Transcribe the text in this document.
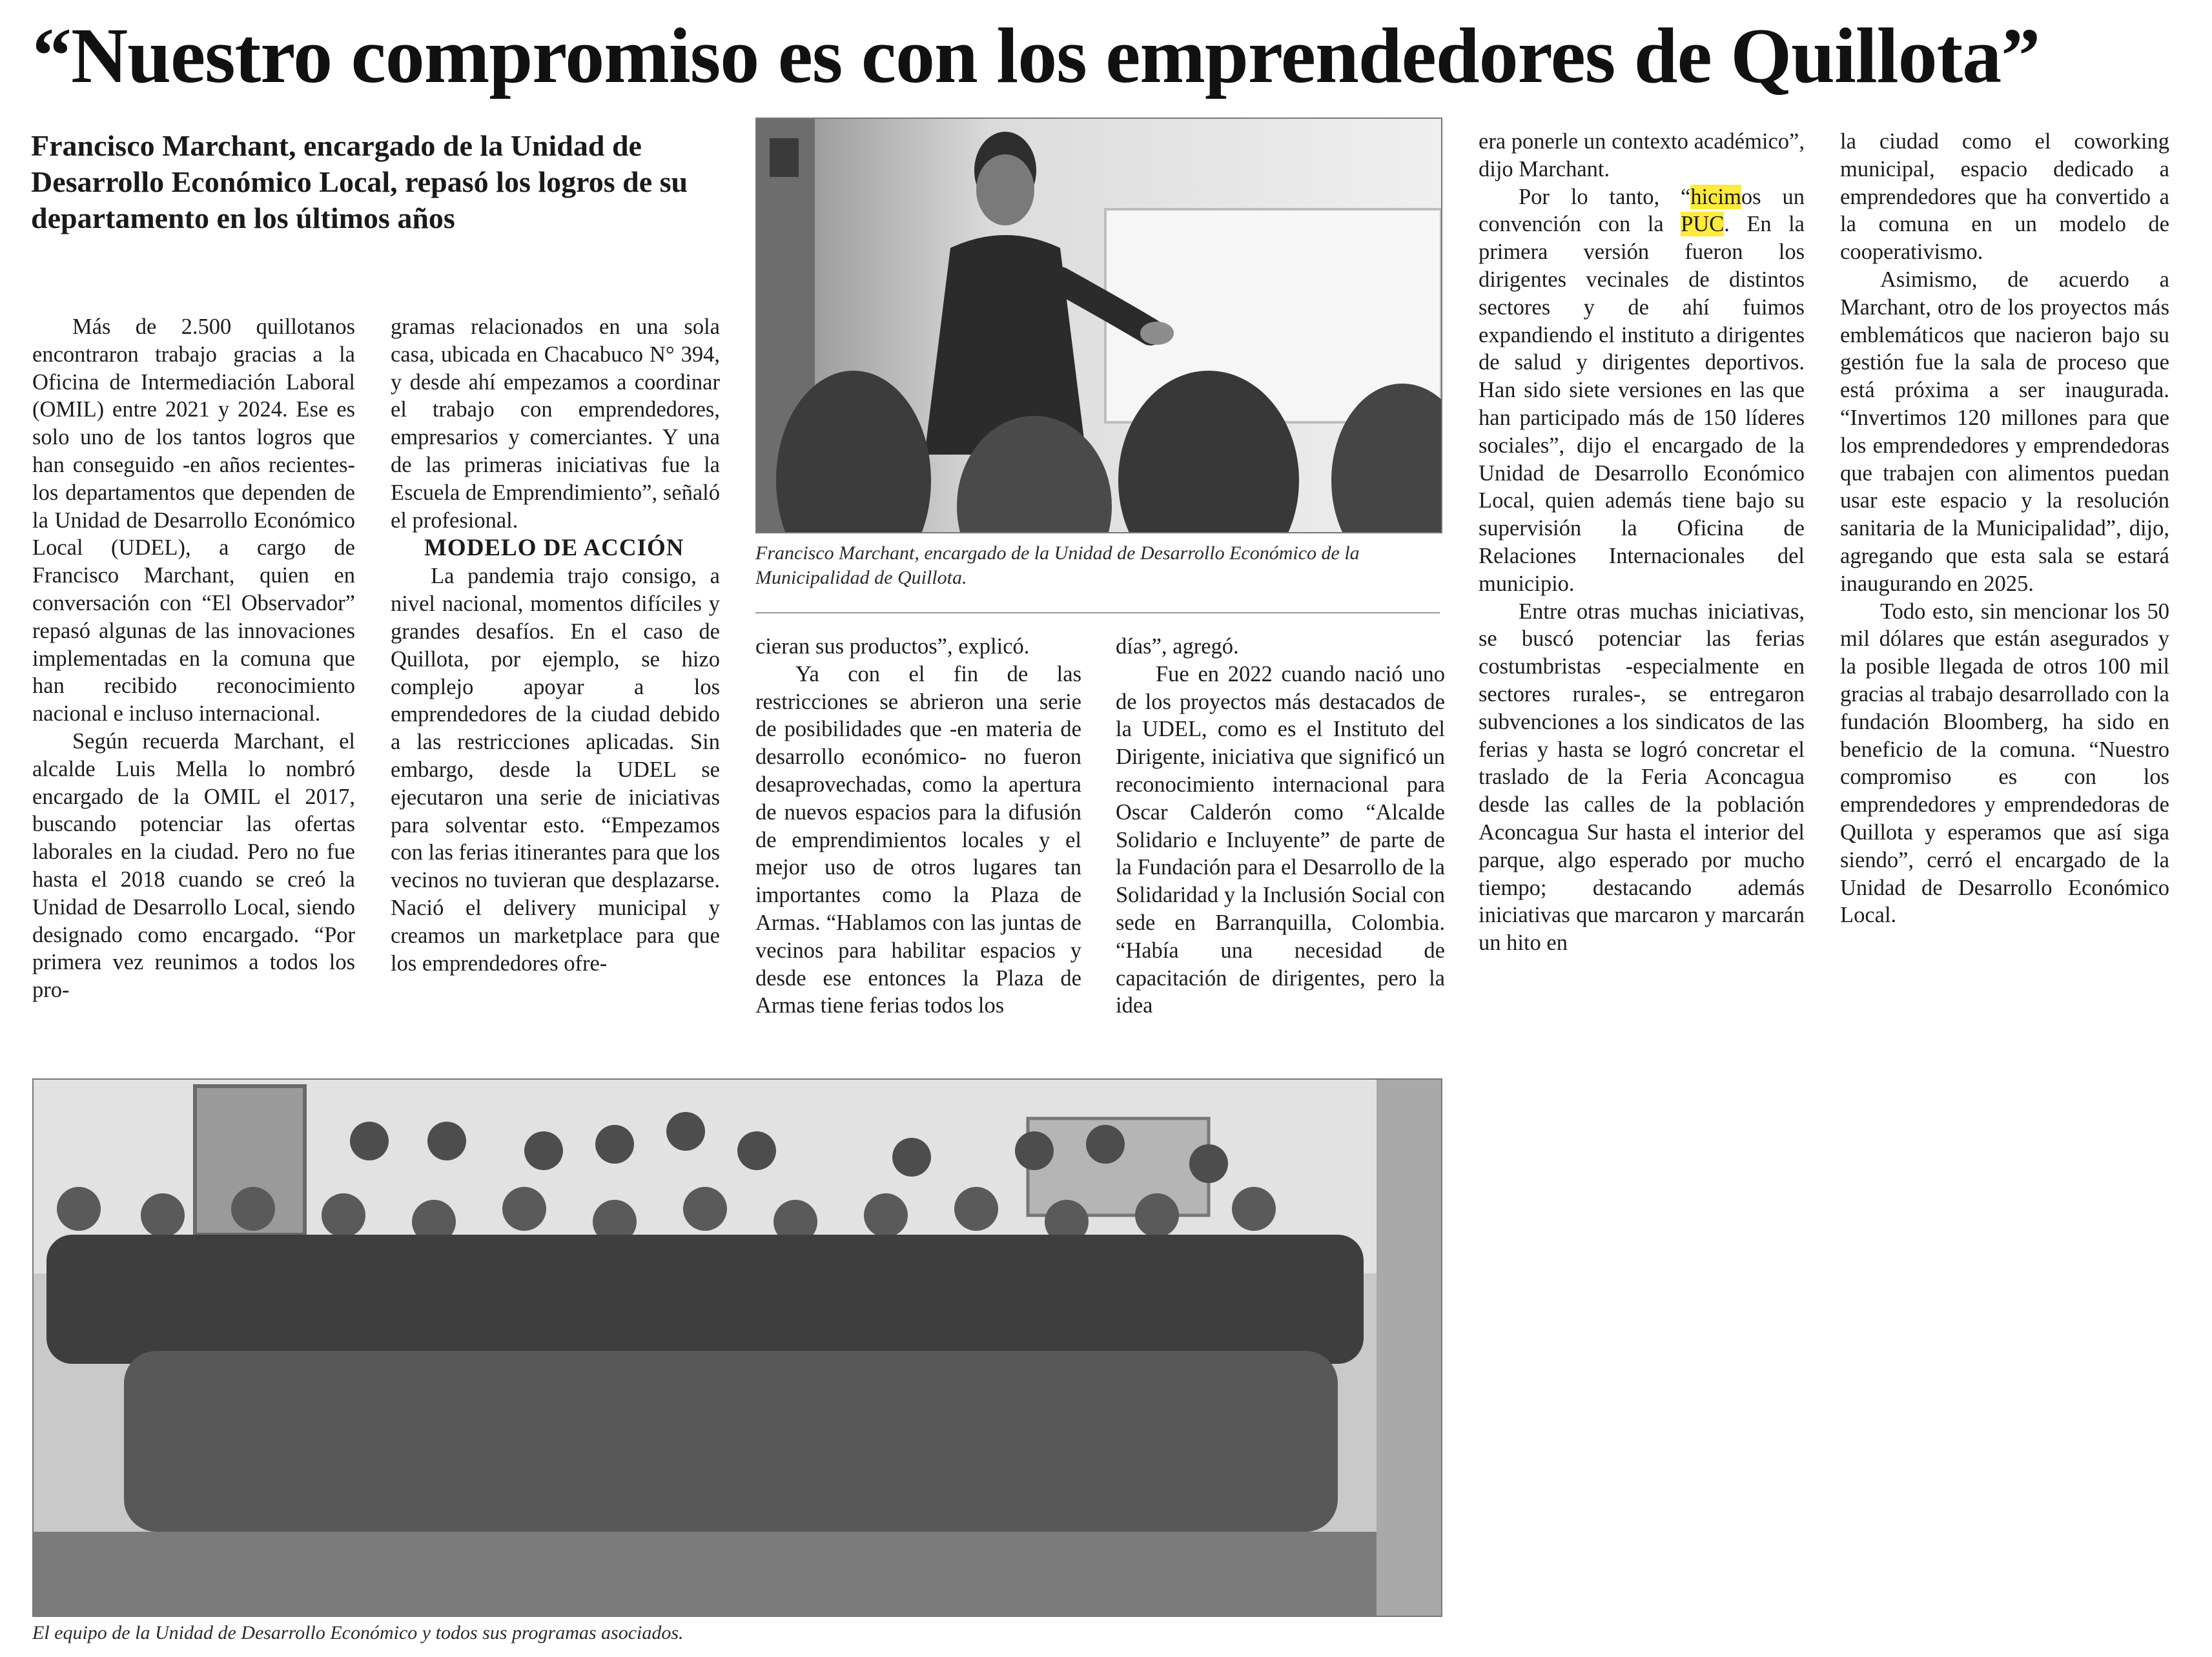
“Nuestro compromiso es con los emprendedores de Quillota”
Francisco Marchant, encargado de la Unidad de Desarrollo Económico Local, repasó los logros de su departamento en los últimos años

Más de 2.500 quillotanos encontraron trabajo gracias a la Oficina de Intermediación Laboral (OMIL) entre 2021 y 2024. Ese es solo uno de los tantos logros que han conseguido -en años recientes- los departamentos que dependen de la Unidad de Desarrollo Económico Local (UDEL), a cargo de Francisco Marchant, quien en conversación con “El Observador” repasó algunas de las innovaciones implementadas en la comuna que han recibido reconocimiento nacional e incluso internacional.

Según recuerda Marchant, el alcalde Luis Mella lo nombró encargado de la OMIL el 2017, buscando potenciar las ofertas laborales en la ciudad. Pero no fue hasta el 2018 cuando se creó la Unidad de Desarrollo Local, siendo designado como encargado. “Por primera vez reunimos a todos los pro-

gramas relacionados en una sola casa, ubicada en Chacabuco N° 394, y desde ahí empezamos a coordinar el trabajo con emprendedores, empresarios y comerciantes. Y una de las primeras iniciativas fue la Escuela de Emprendimiento”, señaló el profesional.

MODELO DE ACCIÓN

La pandemia trajo consigo, a nivel nacional, momentos difíciles y grandes desafíos. En el caso de Quillota, por ejemplo, se hizo complejo apoyar a los emprendedores de la ciudad debido a las restricciones aplicadas. Sin embargo, desde la UDEL se ejecutaron una serie de iniciativas para solventar esto. “Empezamos con las ferias itinerantes para que los vecinos no tuvieran que desplazarse. Nació el delivery municipal y creamos un marketplace para que los emprendedores ofre-

Francisco Marchant, encargado de la Unidad de Desarrollo Económico de la Municipalidad de Quillota.

cieran sus productos”, explicó.

Ya con el fin de las restricciones se abrieron una serie de posibilidades que -en materia de desarrollo económico- no fueron desaprovechadas, como la apertura de nuevos espacios para la difusión de emprendimientos locales y el mejor uso de otros lugares tan importantes como la Plaza de Armas. “Hablamos con las juntas de vecinos para habilitar espacios y desde ese entonces la Plaza de Armas tiene ferias todos los

días”, agregó.

Fue en 2022 cuando nació uno de los proyectos más destacados de la UDEL, como es el Instituto del Dirigente, iniciativa que significó un reconocimiento internacional para Oscar Calderón como “Alcalde Solidario e Incluyente” de parte de la Fundación para el Desarrollo de la Solidaridad y la Inclusión Social con sede en Barranquilla, Colombia. “Había una necesidad de capacitación de dirigentes, pero la idea

era ponerle un contexto académico”, dijo Marchant.

Por lo tanto, “hicimos un convención con la PUC. En la primera versión fueron los dirigentes vecinales de distintos sectores y de ahí fuimos expandiendo el instituto a dirigentes de salud y dirigentes deportivos. Han sido siete versiones en las que han participado más de 150 líderes sociales”, dijo el encargado de la Unidad de Desarrollo Económico Local, quien además tiene bajo su supervisión la Oficina de Relaciones Internacionales del municipio.

Entre otras muchas iniciativas, se buscó potenciar las ferias costumbristas -especialmente en sectores rurales-, se entregaron subvenciones a los sindicatos de las ferias y hasta se logró concretar el traslado de la Feria Aconcagua desde las calles de la población Aconcagua Sur hasta el interior del parque, algo esperado por mucho tiempo; destacando además iniciativas que marcaron y marcarán un hito en

la ciudad como el coworking municipal, espacio dedicado a emprendedores que ha convertido a la comuna en un modelo de cooperativismo.

Asimismo, de acuerdo a Marchant, otro de los proyectos más emblemáticos que nacieron bajo su gestión fue la sala de proceso que está próxima a ser inaugurada. “Invertimos 120 millones para que los emprendedores y emprendedoras que trabajen con alimentos puedan usar este espacio y la resolución sanitaria de la Municipalidad”, dijo, agregando que esta sala se estará inaugurando en 2025.

Todo esto, sin mencionar los 50 mil dólares que están asegurados y la posible llegada de otros 100 mil gracias al trabajo desarrollado con la fundación Bloomberg, ha sido en beneficio de la comuna. “Nuestro compromiso es con los emprendedores y emprendedoras de Quillota y esperamos que así siga siendo”, cerró el encargado de la Unidad de Desarrollo Económico Local.

El equipo de la Unidad de Desarrollo Económico y todos sus programas asociados.
